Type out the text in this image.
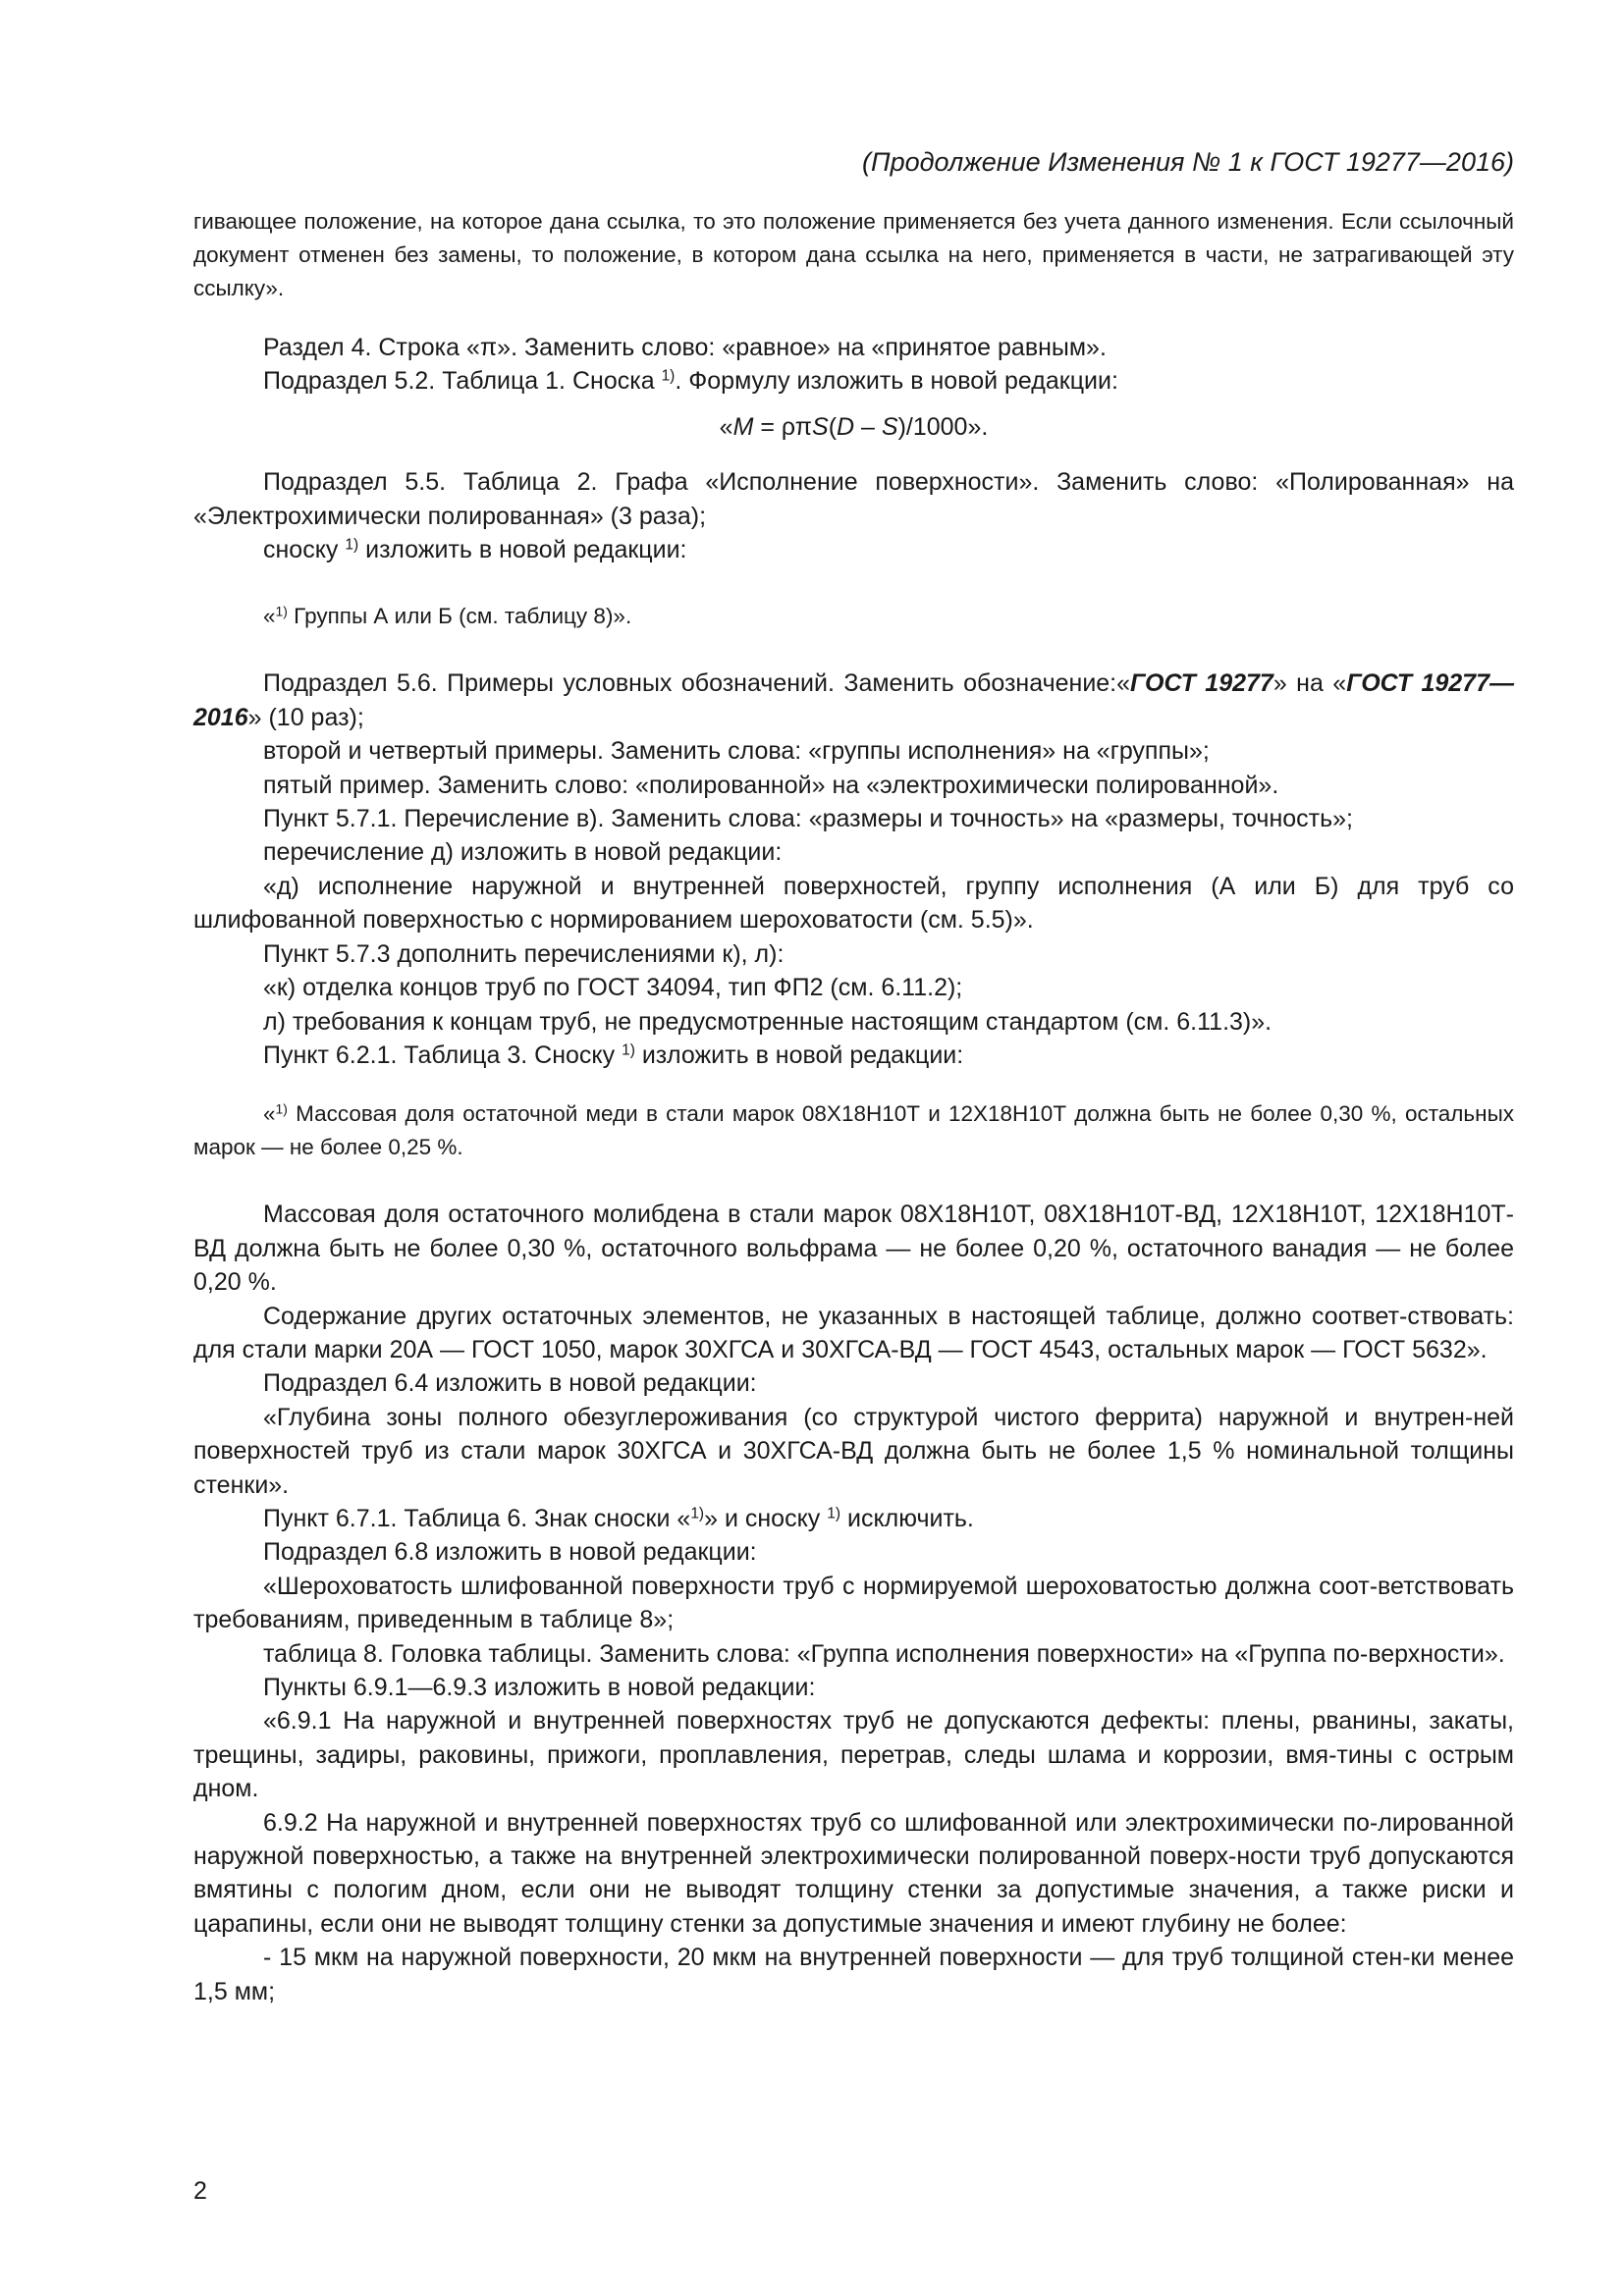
(Продолжение Изменения № 1 к ГОСТ 19277—2016)

гивающее положение, на которое дана ссылка, то это положение применяется без учета данного изменения. Если ссылочный документ отменен без замены, то положение, в котором дана ссылка на него, применяется в части, не затрагивающей эту ссылку».

Раздел 4. Строка «π». Заменить слово: «равное» на «принятое равным».

Подраздел 5.2. Таблица 1. Сноска $^{1)}$. Формулу изложить в новой редакции:

«M = ρπS(D – S)/1000».

Подраздел 5.5. Таблица 2. Графа «Исполнение поверхности». Заменить слово: «Полированная» на «Электрохимически полированная» (3 раза);

сноску $^{1)}$ изложить в новой редакции:

«$^{1)}$ Группы А или Б (см. таблицу 8)».

Подраздел 5.6. Примеры условных обозначений. Заменить обозначение:«ГОСТ 19277» на «ГОСТ 19277—2016» (10 раз);

второй и четвертый примеры. Заменить слова: «группы исполнения» на «группы»;

пятый пример. Заменить слово: «полированной» на «электрохимически полированной».

Пункт 5.7.1. Перечисление в). Заменить слова: «размеры и точность» на «размеры, точность»;

перечисление д) изложить в новой редакции:

«д) исполнение наружной и внутренней поверхностей, группу исполнения (А или Б) для труб со шлифованной поверхностью с нормированием шероховатости (см. 5.5)».

Пункт 5.7.3 дополнить перечислениями к), л):

«к) отделка концов труб по ГОСТ 34094, тип ФП2 (см. 6.11.2);

л) требования к концам труб, не предусмотренные настоящим стандартом (см. 6.11.3)».

Пункт 6.2.1. Таблица 3. Сноску $^{1)}$ изложить в новой редакции:

«$^{1)}$ Массовая доля остаточной меди в стали марок 08Х18Н10Т и 12Х18Н10Т должна быть не более 0,30 %, остальных марок — не более 0,25 %.

Массовая доля остаточного молибдена в стали марок 08Х18Н10Т, 08Х18Н10Т-ВД, 12Х18Н10Т, 12Х18Н10Т-ВД должна быть не более 0,30 %, остаточного вольфрама — не более 0,20 %, остаточного ванадия — не более 0,20 %.

Содержание других остаточных элементов, не указанных в настоящей таблице, должно соответ-ствовать: для стали марки 20А — ГОСТ 1050, марок 30ХГСА и 30ХГСА-ВД — ГОСТ 4543, остальных марок — ГОСТ 5632».

Подраздел 6.4 изложить в новой редакции:

«Глубина зоны полного обезуглероживания (со структурой чистого феррита) наружной и внутрен-ней поверхностей труб из стали марок 30ХГСА и 30ХГСА-ВД должна быть не более 1,5 % номинальной толщины стенки».

Пункт 6.7.1. Таблица 6. Знак сноски «$^{1)}$» и сноску $^{1)}$ исключить.

Подраздел 6.8 изложить в новой редакции:

«Шероховатость шлифованной поверхности труб с нормируемой шероховатостью должна соот-ветствовать требованиям, приведенным в таблице 8»;

таблица 8. Головка таблицы. Заменить слова: «Группа исполнения поверхности» на «Группа по-верхности».

Пункты 6.9.1—6.9.3 изложить в новой редакции:

«6.9.1 На наружной и внутренней поверхностях труб не допускаются дефекты: плены, рванины, закаты, трещины, задиры, раковины, прижоги, проплавления, перетрав, следы шлама и коррозии, вмя-тины с острым дном.

6.9.2 На наружной и внутренней поверхностях труб со шлифованной или электрохимически по-лированной наружной поверхностью, а также на внутренней электрохимически полированной поверх-ности труб допускаются вмятины с пологим дном, если они не выводят толщину стенки за допустимые значения, а также риски и царапины, если они не выводят толщину стенки за допустимые значения и имеют глубину не более:

- 15 мкм на наружной поверхности, 20 мкм на внутренней поверхности — для труб толщиной стен-ки менее 1,5 мм;

2
